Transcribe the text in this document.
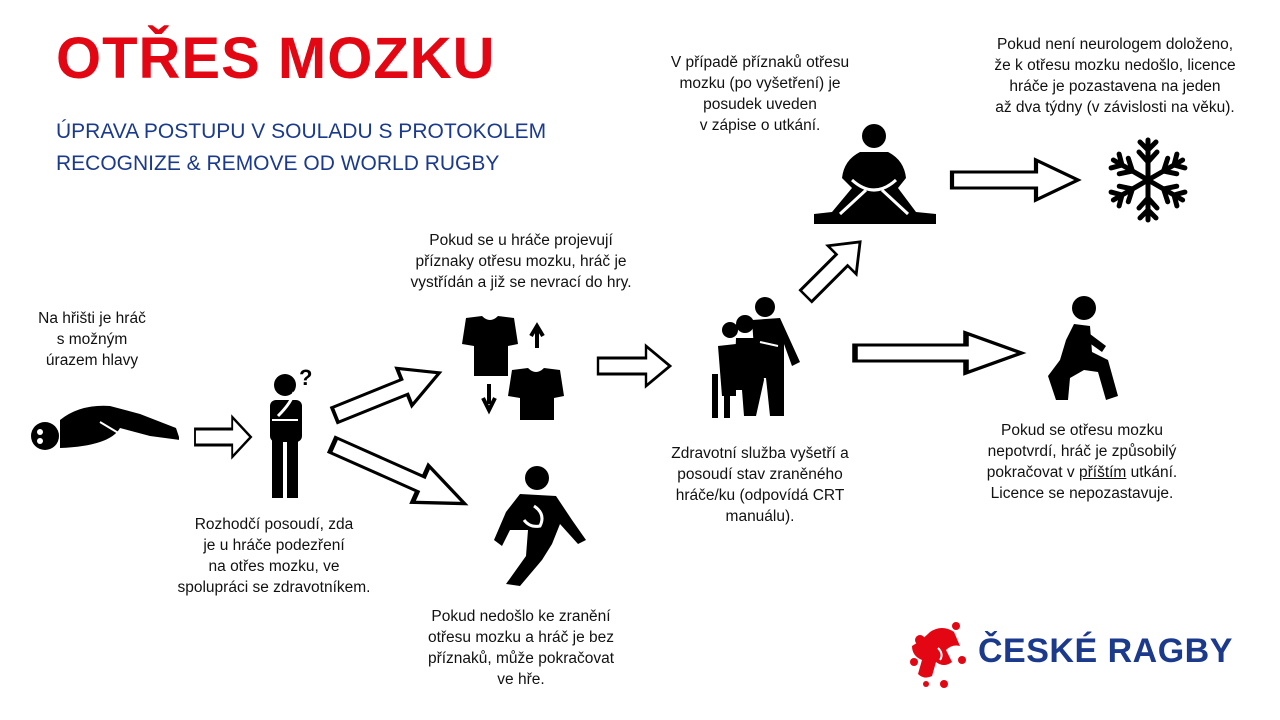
OTŘES MOZKU
ÚPRAVA POSTUPU V SOULADU S PROTOKOLEM
RECOGNIZE & REMOVE OD WORLD RUGBY
?
Na hřišti je hráč
s možným
úrazem hlavy
Rozhodčí posoudí, zda
je u hráče podezření
na otřes mozku, ve
spolupráci se zdravotníkem.
Pokud se u hráče projevují
příznaky otřesu mozku, hráč je
vystřídán a již se nevrací do hry.
Pokud nedošlo ke zranění
otřesu mozku a hráč je bez
příznaků, může pokračovat
ve hře.
Zdravotní služba vyšetří a
posoudí stav zraněného
hráče/ku (odpovídá CRT
manuálu).
V případě příznaků otřesu
mozku (po vyšetření) je
posudek uveden
v zápise o utkání.
Pokud není neurologem doloženo,
že k otřesu mozku nedošlo, licence
hráče je pozastavena na jeden
až dva týdny (v závislosti na věku).
Pokud se otřesu mozku
nepotvrdí, hráč je způsobilý
pokračovat v příštím utkání.
Licence se nepozastavuje.
ČESKÉ RAGBY
